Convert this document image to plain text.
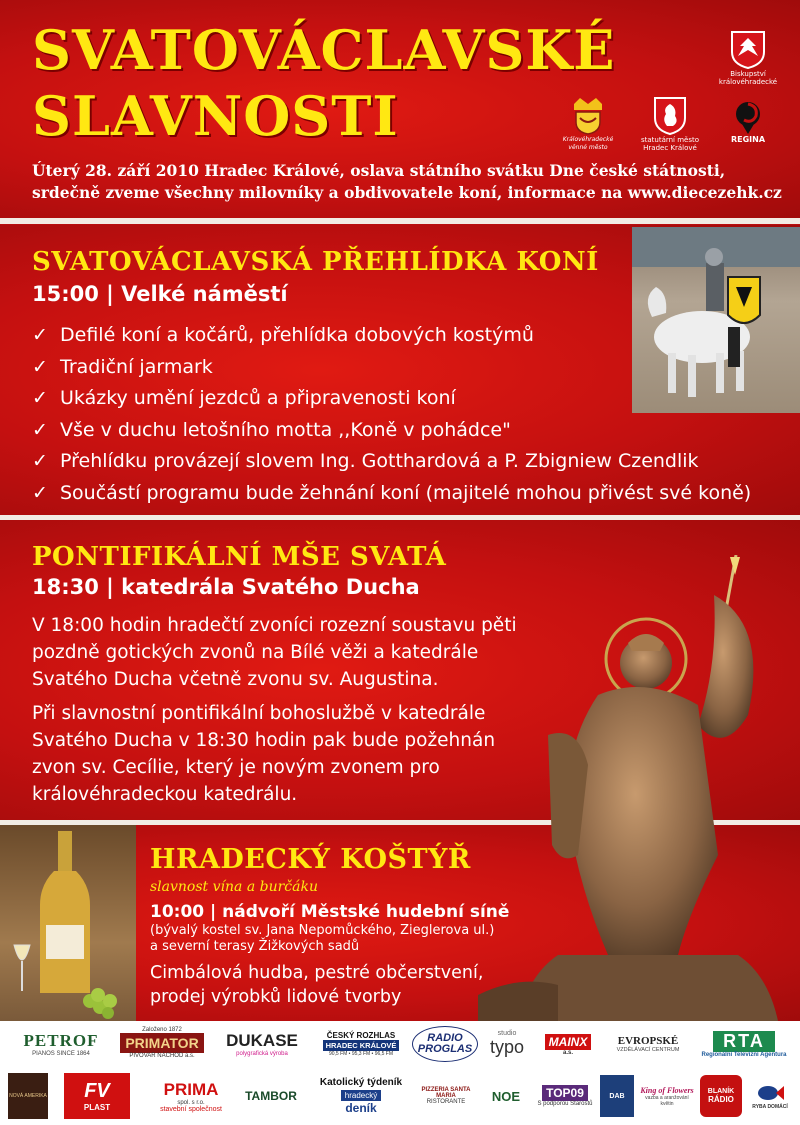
SVATOVÁCLAVSKÉ
SLAVNOSTI
Biskupství královéhradecké
Královéhradecké věnné město
statutární město Hradec Králové
REGINA
Úterý 28. září 2010 Hradec Králové, oslava státního svátku Dne české státnosti,
srdečně zveme všechny milovníky a obdivovatele koní, informace na www.diecezehk.cz
SVATOVÁCLAVSKÁ PŘEHLÍDKA KONÍ
15:00 | Velké náměstí
✓ Defilé koní a kočárů, přehlídka dobových kostýmů
✓ Tradiční jarmark
✓ Ukázky umění jezdců a připravenosti koní
✓ Vše v duchu letošního motta ,,Koně v pohádce"
✓ Přehlídku provázejí slovem Ing. Gotthardová a P. Zbigniew Czendlik
✓ Součástí programu bude žehnání koní (majitelé mohou přivést své koně)
PONTIFIKÁLNÍ MŠE SVATÁ
18:30 | katedrála Svatého Ducha
V 18:00 hodin hradečtí zvoníci rozezní soustavu pěti
pozdně gotických zvonů na Bílé věži a katedrále
Svatého Ducha včetně zvonu sv. Augustina.
Při slavnostní pontifikální bohoslužbě v katedrále
Svatého Ducha v 18:30 hodin pak bude požehnán
zvon sv. Cecílie, který je novým zvonem pro
královéhradeckou katedrálu.
HRADECKÝ KOŠTÝŘ
slavnost vína a burčáku
10:00 | nádvoří Městské hudební síně
(bývalý kostel sv. Jana Nepomůckého, Zieglerova ul.)
a severní terasy Žižkových sadů
Cimbálová hudba, pestré občerstvení,
prodej výrobků lidové tvorby
PETROF
PIANOS SINCE 1864
Založeno 1872
PRIMATOR
PIVOVAR NÁCHOD a.s.
DUKASE
polygrafická výroba
ČESKÝ ROZHLAS
HRADEC KRÁLOVÉ
90,5 FM • 95,3 FM • 96,5 FM
RADIO PROGLAS
studio
typo	MAINX
a.s.
EVROPSKÉ
VZDĚLÁVACÍ CENTRUM	RTA
Regionální Televizní Agentura
NOVÁ AMERIKA FV
PLAST
PRIMA
spol. s r.o.
stavební společnost
TAMBOR
Katolický týdeník
hradecký
deník
PIZZERIA SANTA MARIA
RISTORANTE NOE	TOP09
S podporou Starostů
DAB
King of Flowers
vazba a aranžování květin
BLANÍK
RÁDIO
RYBA DOMÁCÍ
